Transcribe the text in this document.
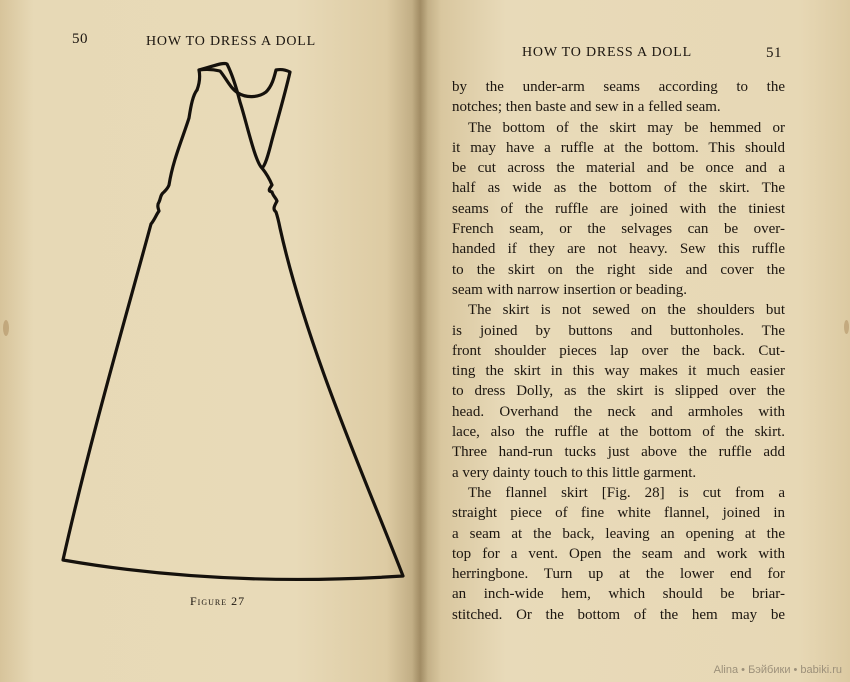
50	HOW TO DRESS A DOLL
Figure 27
HOW TO DRESS A DOLL	51
by the under-arm seams according to the
notches; then baste and sew in a felled seam.
The bottom of the skirt may be hemmed or
it may have a ruffle at the bottom. This should
be cut across the material and be once and a
half as wide as the bottom of the skirt. The
seams of the ruffle are joined with the tiniest
French seam, or the selvages can be over-
handed if they are not heavy. Sew this ruffle
to the skirt on the right side and cover the
seam with narrow insertion or beading.
The skirt is not sewed on the shoulders but
is joined by buttons and buttonholes. The
front shoulder pieces lap over the back. Cut-
ting the skirt in this way makes it much easier
to dress Dolly, as the skirt is slipped over the
head. Overhand the neck and armholes with
lace, also the ruffle at the bottom of the skirt.
Three hand-run tucks just above the ruffle add
a very dainty touch to this little garment.
The flannel skirt [Fig. 28] is cut from a
straight piece of fine white flannel, joined in
a seam at the back, leaving an opening at the
top for a vent. Open the seam and work with
herringbone. Turn up at the lower end for
an inch-wide hem, which should be briar-
stitched. Or the bottom of the hem may be
Alina • Бэйбики • babiki.ru
